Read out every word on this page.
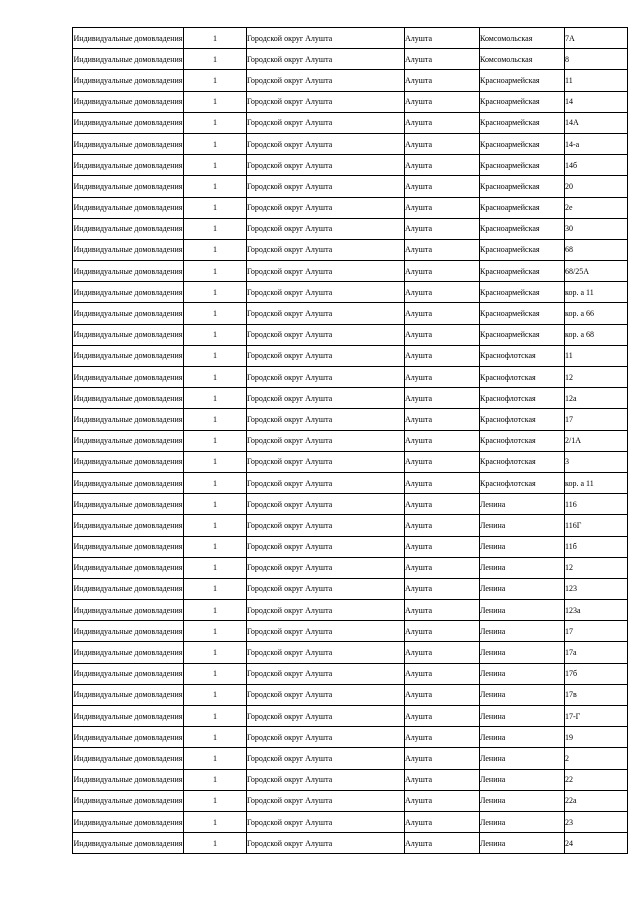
Индивидуальные домовладения	1	Городской округ Алушта	Алушта	Комсомольская	7А
Индивидуальные домовладения	1	Городской округ Алушта	Алушта	Комсомольская	8
Индивидуальные домовладения	1	Городской округ Алушта	Алушта	Красноармейская	11
Индивидуальные домовладения	1	Городской округ Алушта	Алушта	Красноармейская	14
Индивидуальные домовладения	1	Городской округ Алушта	Алушта	Красноармейская	14А
Индивидуальные домовладения	1	Городской округ Алушта	Алушта	Красноармейская	14-а
Индивидуальные домовладения	1	Городской округ Алушта	Алушта	Красноармейская	14б
Индивидуальные домовладения	1	Городской округ Алушта	Алушта	Красноармейская	20
Индивидуальные домовладения	1	Городской округ Алушта	Алушта	Красноармейская	2е
Индивидуальные домовладения	1	Городской округ Алушта	Алушта	Красноармейская	30
Индивидуальные домовладения	1	Городской округ Алушта	Алушта	Красноармейская	68
Индивидуальные домовладения	1	Городской округ Алушта	Алушта	Красноармейская	68/25А
Индивидуальные домовладения	1	Городской округ Алушта	Алушта	Красноармейская	кор. а 11
Индивидуальные домовладения	1	Городской округ Алушта	Алушта	Красноармейская	кор. а 66
Индивидуальные домовладения	1	Городской округ Алушта	Алушта	Красноармейская	кор. а 68
Индивидуальные домовладения	1	Городской округ Алушта	Алушта	Краснофлотская	11
Индивидуальные домовладения	1	Городской округ Алушта	Алушта	Краснофлотская	12
Индивидуальные домовладения	1	Городской округ Алушта	Алушта	Краснофлотская	12а
Индивидуальные домовладения	1	Городской округ Алушта	Алушта	Краснофлотская	17
Индивидуальные домовладения	1	Городской округ Алушта	Алушта	Краснофлотская	2/1А
Индивидуальные домовладения	1	Городской округ Алушта	Алушта	Краснофлотская	3
Индивидуальные домовладения	1	Городской округ Алушта	Алушта	Краснофлотская	кор. а 11
Индивидуальные домовладения	1	Городской округ Алушта	Алушта	Ленина	116
Индивидуальные домовладения	1	Городской округ Алушта	Алушта	Ленина	116Г
Индивидуальные домовладения	1	Городской округ Алушта	Алушта	Ленина	11б
Индивидуальные домовладения	1	Городской округ Алушта	Алушта	Ленина	12
Индивидуальные домовладения	1	Городской округ Алушта	Алушта	Ленина	123
Индивидуальные домовладения	1	Городской округ Алушта	Алушта	Ленина	123а
Индивидуальные домовладения	1	Городской округ Алушта	Алушта	Ленина	17
Индивидуальные домовладения	1	Городской округ Алушта	Алушта	Ленина	17а
Индивидуальные домовладения	1	Городской округ Алушта	Алушта	Ленина	17б
Индивидуальные домовладения	1	Городской округ Алушта	Алушта	Ленина	17в
Индивидуальные домовладения	1	Городской округ Алушта	Алушта	Ленина	17-Г
Индивидуальные домовладения	1	Городской округ Алушта	Алушта	Ленина	19
Индивидуальные домовладения	1	Городской округ Алушта	Алушта	Ленина	2
Индивидуальные домовладения	1	Городской округ Алушта	Алушта	Ленина	22
Индивидуальные домовладения	1	Городской округ Алушта	Алушта	Ленина	22а
Индивидуальные домовладения	1	Городской округ Алушта	Алушта	Ленина	23
Индивидуальные домовладения	1	Городской округ Алушта	Алушта	Ленина	24
